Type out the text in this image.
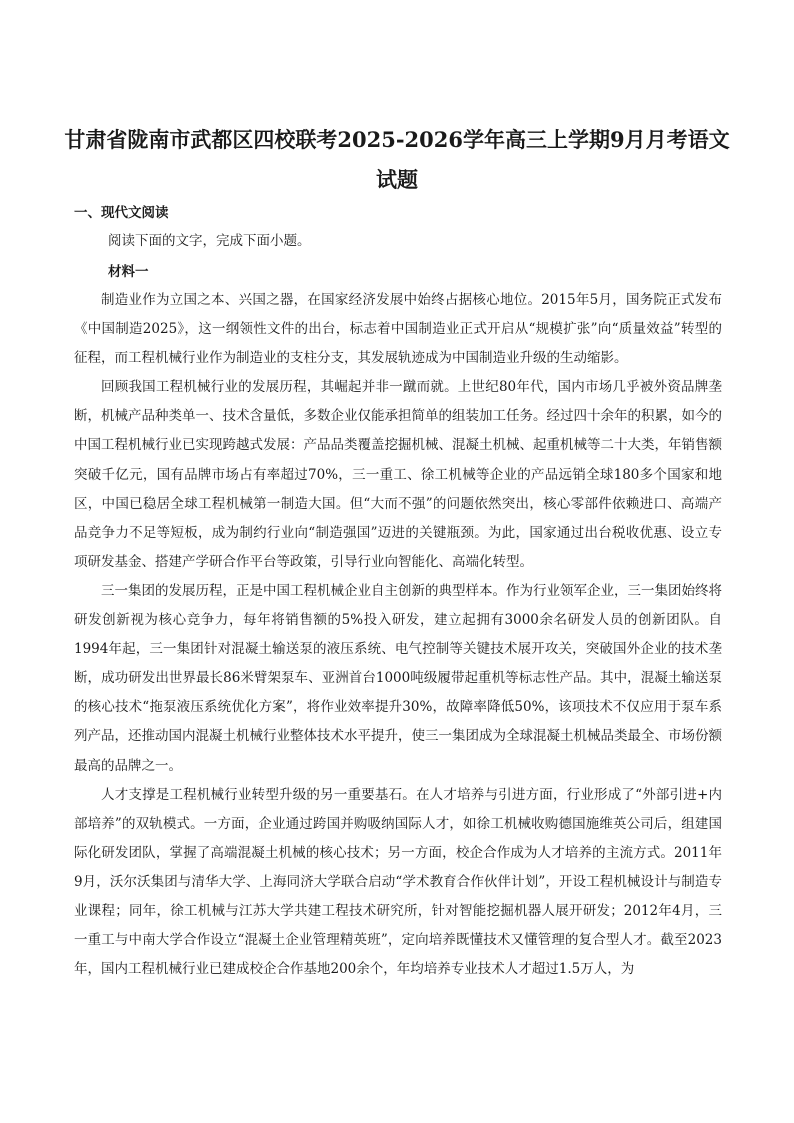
甘肃省陇南市武都区四校联考2025-2026学年高三上学期9月月考语文试题
一、现代文阅读
阅读下面的文字，完成下面小题。
材料一

制造业作为立国之本、兴国之器，在国家经济发展中始终占据核心地位。2015年5月，国务院正式发布《中国制造2025》，这一纲领性文件的出台，标志着中国制造业正式开启从“规模扩张”向“质量效益”转型的征程，而工程机械行业作为制造业的支柱分支，其发展轨迹成为中国制造业升级的生动缩影。

回顾我国工程机械行业的发展历程，其崛起并非一蹴而就。上世纪80年代，国内市场几乎被外资品牌垄断，机械产品种类单一、技术含量低，多数企业仅能承担简单的组装加工任务。经过四十余年的积累，如今的中国工程机械行业已实现跨越式发展：产品品类覆盖挖掘机械、混凝土机械、起重机械等二十大类，年销售额突破千亿元，国有品牌市场占有率超过70%，三一重工、徐工机械等企业的产品远销全球180多个国家和地区，中国已稳居全球工程机械第一制造大国。但“大而不强”的问题依然突出，核心零部件依赖进口、高端产品竞争力不足等短板，成为制约行业向“制造强国”迈进的关键瓶颈。为此，国家通过出台税收优惠、设立专项研发基金、搭建产学研合作平台等政策，引导行业向智能化、高端化转型。

三一集团的发展历程，正是中国工程机械企业自主创新的典型样本。作为行业领军企业，三一集团始终将研发创新视为核心竞争力，每年将销售额的5%投入研发，建立起拥有3000余名研发人员的创新团队。自1994年起，三一集团针对混凝土输送泵的液压系统、电气控制等关键技术展开攻关，突破国外企业的技术垄断，成功研发出世界最长86米臂架泵车、亚洲首台1000吨级履带起重机等标志性产品。其中，混凝土输送泵的核心技术“拖泵液压系统优化方案”，将作业效率提升30%，故障率降低50%，该项技术不仅应用于泵车系列产品，还推动国内混凝土机械行业整体技术水平提升，使三一集团成为全球混凝土机械品类最全、市场份额最高的品牌之一。

人才支撑是工程机械行业转型升级的另一重要基石。在人才培养与引进方面，行业形成了“外部引进+内部培养”的双轨模式。一方面，企业通过跨国并购吸纳国际人才，如徐工机械收购德国施维英公司后，组建国际化研发团队，掌握了高端混凝土机械的核心技术；另一方面，校企合作成为人才培养的主流方式。2011年9月，沃尔沃集团与清华大学、上海同济大学联合启动“学术教育合作伙伴计划”，开设工程机械设计与制造专业课程；同年，徐工机械与江苏大学共建工程技术研究所，针对智能挖掘机器人展开研发；2012年4月，三一重工与中南大学合作设立“混凝土企业管理精英班”，定向培养既懂技术又懂管理的复合型人才。截至2023年，国内工程机械行业已建成校企合作基地200余个，年均培养专业技术人才超过1.5万人，为
